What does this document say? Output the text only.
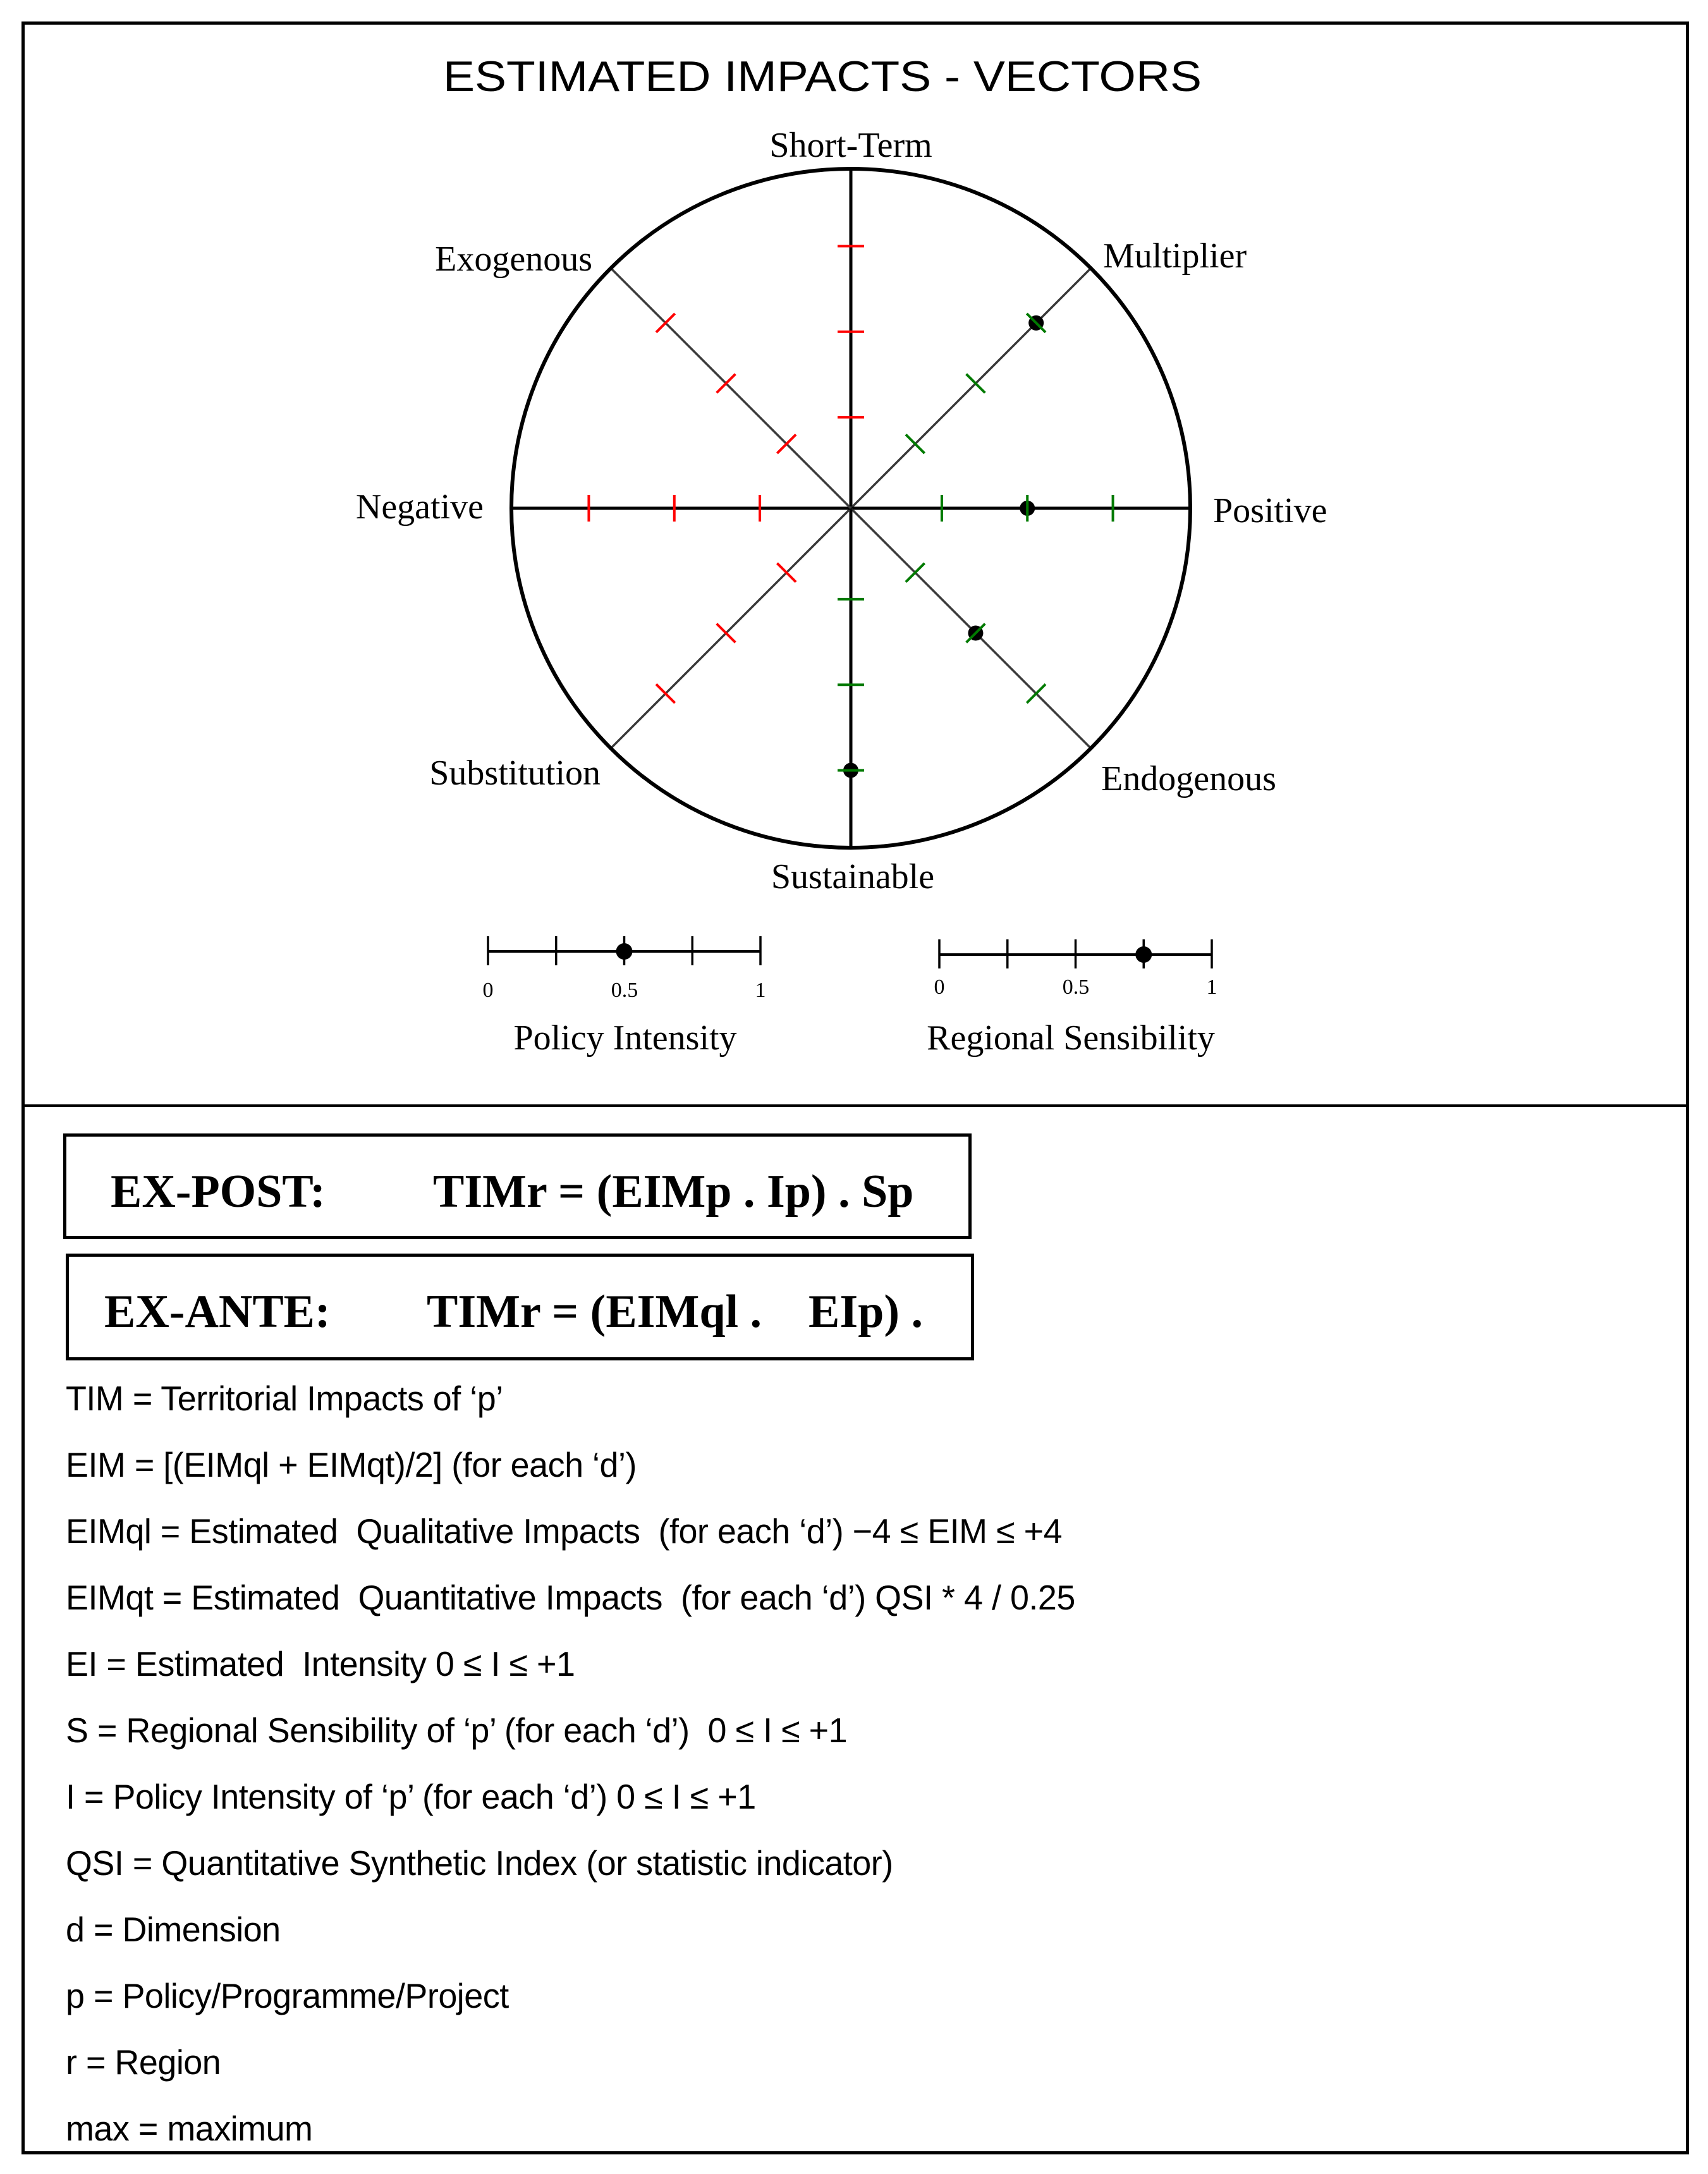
ESTIMATED IMPACTS - VECTORS
Short-Term
Multiplier
Positive
Endogenous
Sustainable
Substitution
Negative
Exogenous
0	0.5	1
Policy Intensity
0	0.5	1
Regional Sensibility
EX-POST: TIMr = (EIMp . Ip) . Sp
EX-ANTE: TIMr = (EIMql .    EIp) .
TIM = Territorial Impacts of ‘p’
EIM = [(EIMql + EIMqt)/2] (for each ‘d’)
EIMql = Estimated  Qualitative Impacts  (for each ‘d’) −4 ≤ EIM ≤ +4
EIMqt = Estimated  Quantitative Impacts  (for each ‘d’) QSI * 4 / 0.25
EI = Estimated  Intensity 0 ≤ I ≤ +1
S = Regional Sensibility of ‘p’ (for each ‘d’)  0 ≤ I ≤ +1
I = Policy Intensity of ‘p’ (for each ‘d’) 0 ≤ I ≤ +1
QSI = Quantitative Synthetic Index (or statistic indicator)
d = Dimension
p = Policy/Programme/Project
r = Region
max = maximum
